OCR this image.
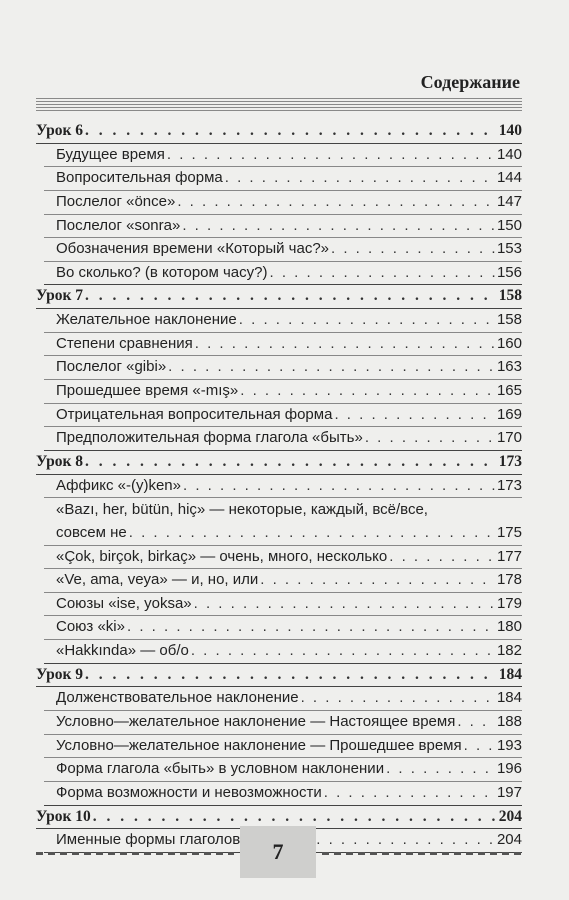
Содержание
Урок 6 . . .	140
Будущее время . . .	140
Вопросительная форма . . .	144
Послелог «önce» . . .	147
Послелог «sonra» . . .	150
Обозначения времени «Который час?» . . .	153
Во сколько? (в котором часу?) . . .	156
Урок 7 . . .	158
Желательное наклонение . . .	158
Степени сравнения . . .	160
Послелог «gibi» . . .	163
Прошедшее время «-mış» . . .	165
Отрицательная вопросительная форма . . .	169
Предположительная форма глагола «быть» . . .	170
Урок 8 . . .	173
Аффикс «-(y)ken» . . .	173
«Bazı, her, bütün, hiç» — некоторые, каждый, всё/все,
совсем не . . .	175
«Çok, birçok, birkaç» — очень, много, несколько . . .	177
«Ve, ama, veya» — и, но, или . . .	178
Союзы «ise, yoksa» . . .	179
Союз «ki» . . .	180
«Hakkında» — об/о . . .	182
Урок 9 . . .	184
Долженствовательное наклонение . . .	184
Условно—желательное наклонение — Настоящее время . . .	188
Условно—желательное наклонение — Прошедшее время . . . 193
Форма глагола «быть» в условном наклонении . . .	196
Форма возможности и невозможности . . .	197
Урок 10 . . .	204
Именные формы глаголов . . .	204
7
